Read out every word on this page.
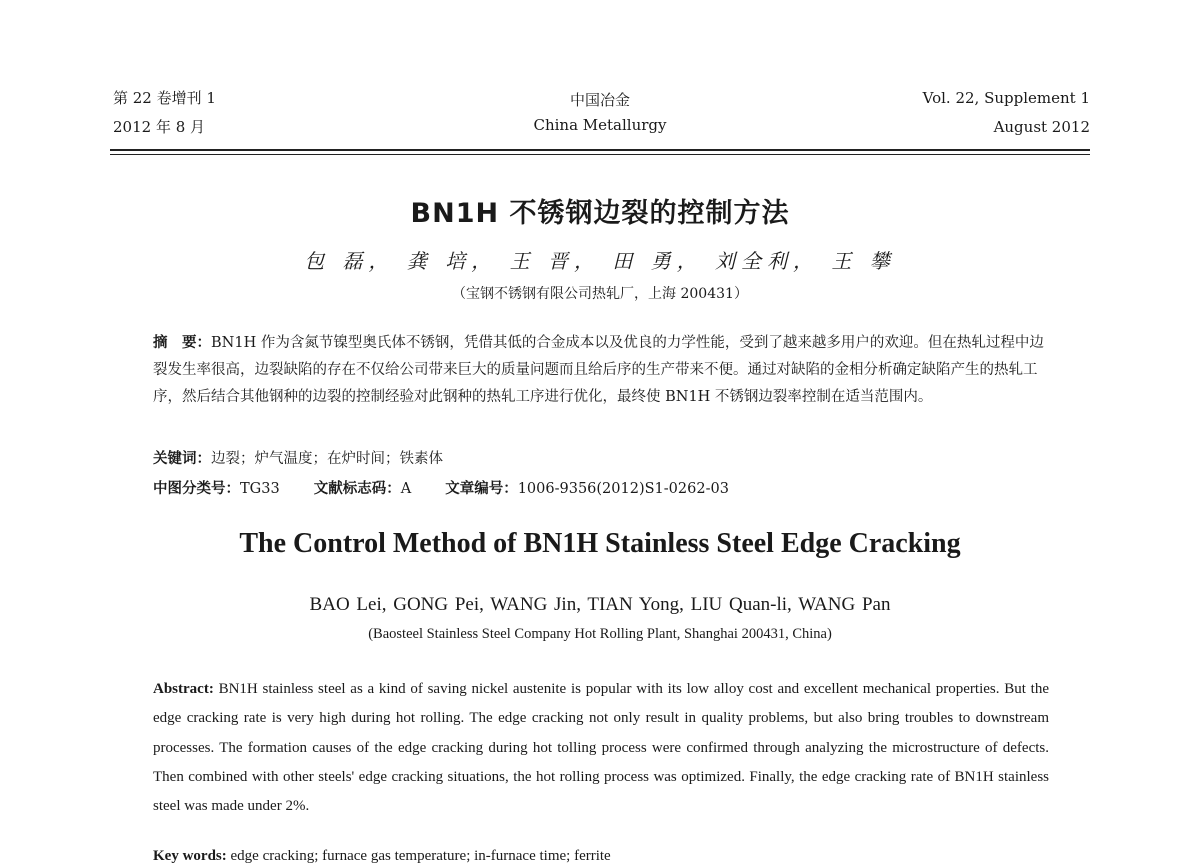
第 22 卷增刊 1
2012 年 8 月
中国冶金
China Metallurgy
Vol. 22, Supplement 1
August 2012
BN1H 不锈钢边裂的控制方法
包 磊， 龚 培， 王 晋， 田 勇， 刘全利， 王 攀
（宝钢不锈钢有限公司热轧厂，上海 200431）
摘　要：BN1H 作为含氮节镍型奥氏体不锈钢，凭借其低的合金成本以及优良的力学性能，受到了越来越多用户的欢迎。但在热轧过程中边裂发生率很高，边裂缺陷的存在不仅给公司带来巨大的质量问题而且给后序的生产带来不便。通过对缺陷的金相分析确定缺陷产生的热轧工序，然后结合其他钢种的边裂的控制经验对此钢种的热轧工序进行优化，最终使 BN1H 不锈钢边裂率控制在适当范围内。
关键词：边裂；炉气温度；在炉时间；铁素体
中图分类号：TG33 文献标志码：A 文章编号：1006-9356(2012)S1-0262-03
The Control Method of BN1H Stainless Steel Edge Cracking
BAO Lei, GONG Pei, WANG Jin, TIAN Yong, LIU Quan-li, WANG Pan
(Baosteel Stainless Steel Company Hot Rolling Plant, Shanghai 200431, China)
Abstract: BN1H stainless steel as a kind of saving nickel austenite is popular with its low alloy cost and excellent mechanical properties. But the edge cracking rate is very high during hot rolling. The edge cracking not only result in quality problems, but also bring troubles to downstream processes. The formation causes of the edge cracking during hot tolling process were confirmed through analyzing the microstructure of defects. Then combined with other steels' edge cracking situations, the hot rolling process was optimized. Finally, the edge cracking rate of BN1H stainless steel was made under 2%.
Key words: edge cracking; furnace gas temperature; in-furnace time; ferrite
